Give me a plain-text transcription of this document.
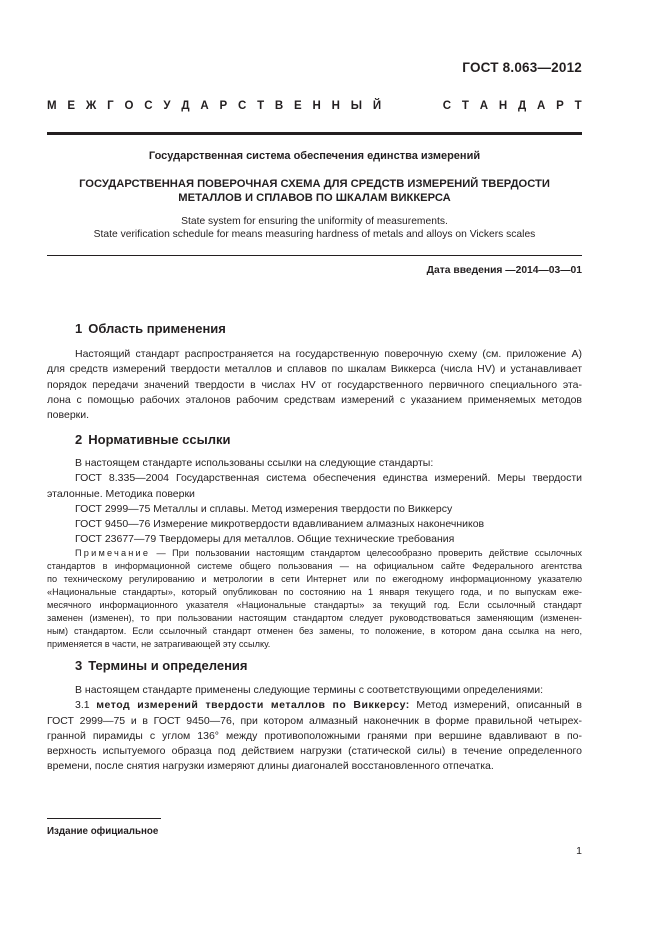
ГОСТ 8.063—2012
М Е Ж Г О С У Д А Р С Т В Е Н Н Ы Й	С Т А Н Д А Р Т
Государственная система обеспечения единства измерений
ГОСУДАРСТВЕННАЯ ПОВЕРОЧНАЯ СХЕМА ДЛЯ СРЕДСТВ ИЗМЕРЕНИЙ ТВЕРДОСТИ
МЕТАЛЛОВ И СПЛАВОВ ПО ШКАЛАМ ВИККЕРСА
State system for ensuring the uniformity of measurements.
State verification schedule for means measuring hardness of metals and alloys on Vickers scales
Дата введения —2014—03—01
1 Область применения
Настоящий стандарт распространяется на государственную поверочную схему (см. приложение А)
для средств измерений твердости металлов и сплавов по шкалам Виккерса (числа HV) и устанавливает
порядок передачи значений твердости в числах HV от государственного первичного специального эта-
лона с помощью рабочих эталонов рабочим средствам измерений с указанием применяемых методов
поверки.
2 Нормативные ссылки
В настоящем стандарте использованы ссылки на следующие стандарты:
ГОСТ 8.335—2004 Государственная система обеспечения единства измерений. Меры твердости
эталонные. Методика поверки
ГОСТ 2999—75 Металлы и сплавы. Метод измерения твердости по Виккерсу
ГОСТ 9450—76 Измерение микротвердости вдавливанием алмазных наконечников
ГОСТ 23677—79 Твердомеры для металлов. Общие технические требования
Примечание — При пользовании настоящим стандартом целесообразно проверить действие ссылочных
стандартов в информационной системе общего пользования — на официальном сайте Федерального агентства
по техническому регулированию и метрологии в сети Интернет или по ежегодному информационному указателю
«Национальные стандарты», который опубликован по состоянию на 1 января текущего года, и по выпускам еже-
месячного информационного указателя «Национальные стандарты» за текущий год. Если ссылочный стандарт
заменен (изменен), то при пользовании настоящим стандартом следует руководствоваться заменяющим (изменен-
ным) стандартом. Если ссылочный стандарт отменен без замены, то положение, в котором дана ссылка на него,
применяется в части, не затрагивающей эту ссылку.
3 Термины и определения
В настоящем стандарте применены следующие термины с соответствующими определениями:
3.1 метод измерений твердости металлов по Виккерсу: Метод измерений, описанный в
ГОСТ 2999—75 и в ГОСТ 9450—76, при котором алмазный наконечник в форме правильной четырех-
гранной пирамиды с углом 136° между противоположными гранями при вершине вдавливают в по-
верхность испытуемого образца под действием нагрузки (статической силы) в течение определенного
времени, после снятия нагрузки измеряют длины диагоналей восстановленного отпечатка.
Издание официальное
1
